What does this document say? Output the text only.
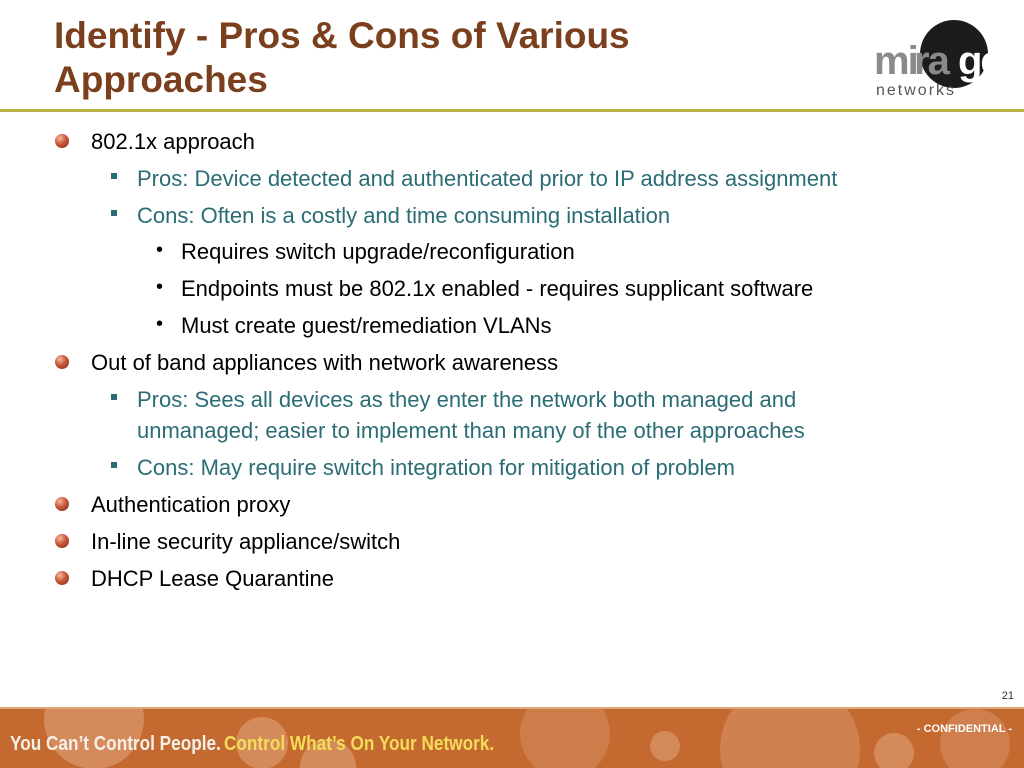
Identify - Pros & Cons of Various
Approaches	mi
ra ge
networks
802.1x approach
Pros: Device detected and authenticated prior to IP address assignment
Cons: Often is a costly and time consuming installation
• Requires switch upgrade/reconfiguration
• Endpoints must be 802.1x enabled - requires supplicant software
• Must create guest/remediation VLANs
Out of band appliances with network awareness
Pros: Sees all devices as they enter the network both managed and
unmanaged; easier to implement than many of the other approaches
Cons: May require switch integration for mitigation of problem
Authentication proxy
In-line security appliance/switch
DHCP Lease Quarantine
21
You Can’t Control People. Control What’s On Your Network.
- CONFIDENTIAL -
